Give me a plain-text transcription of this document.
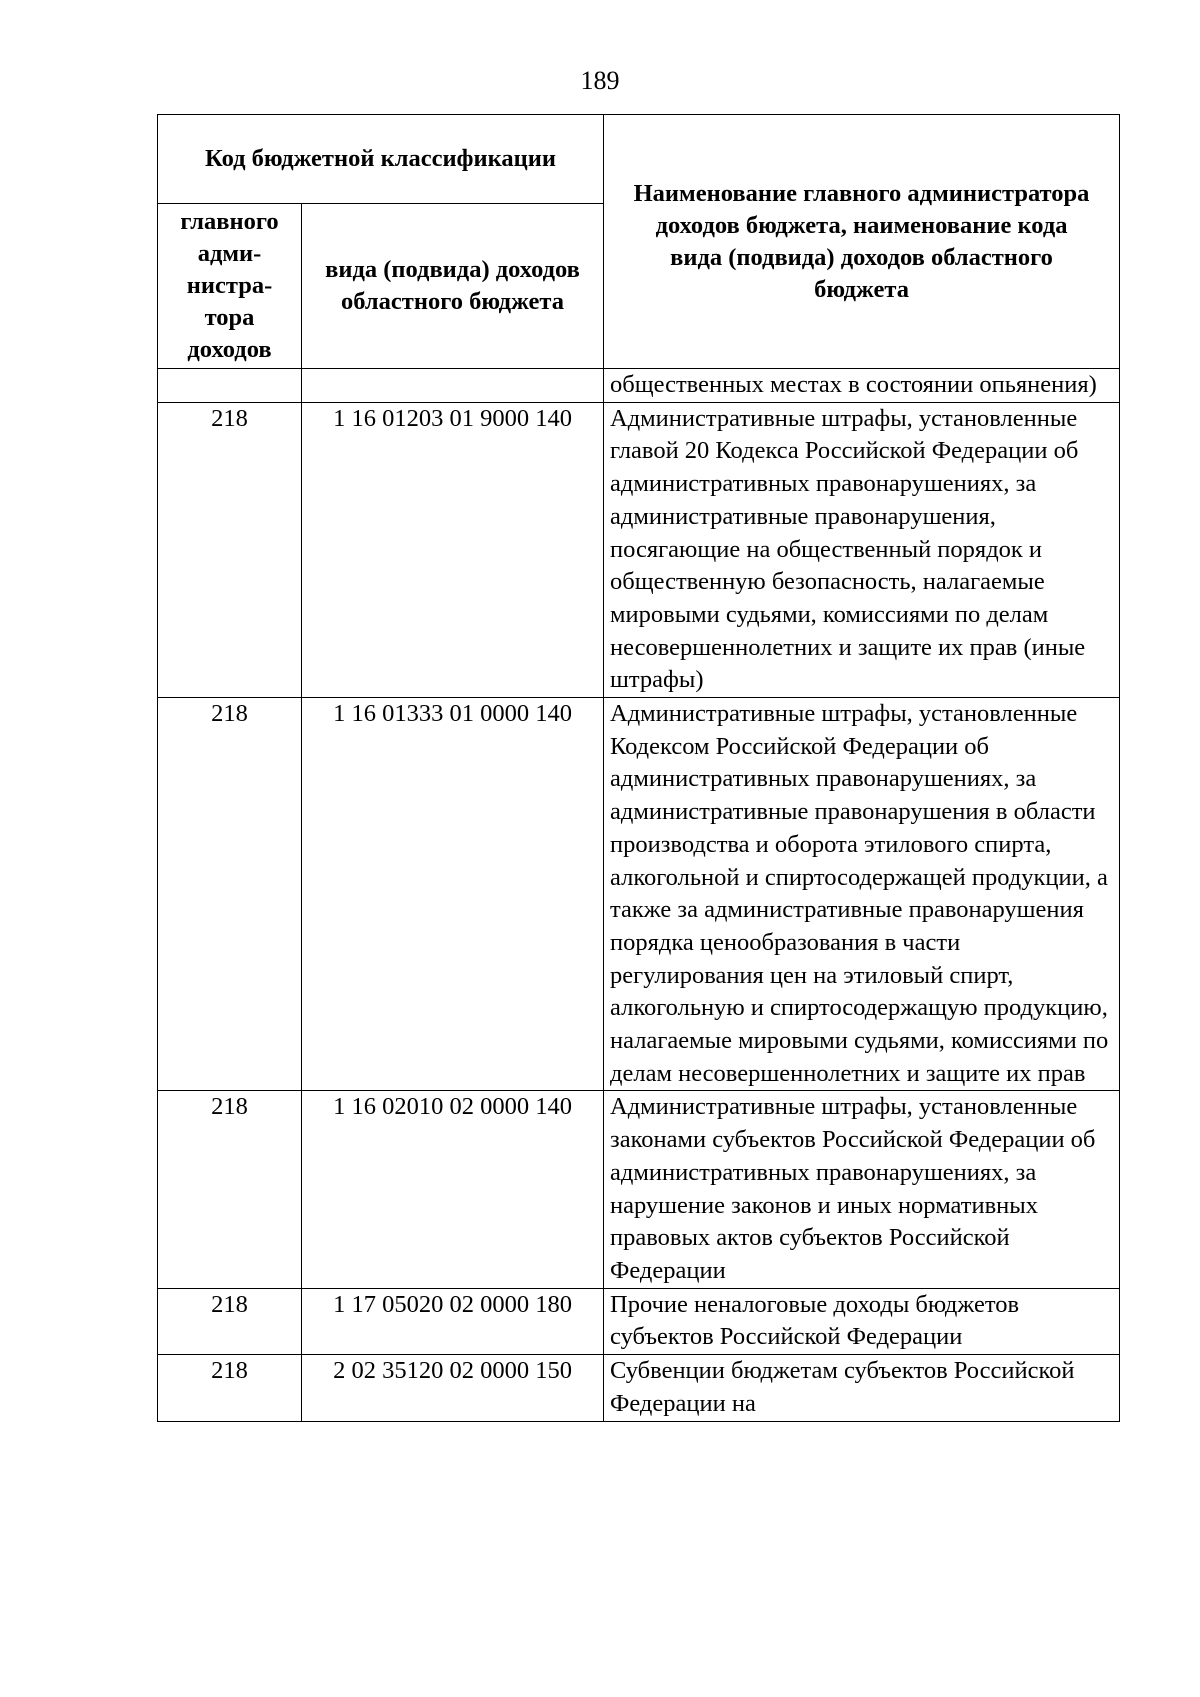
189
Код бюджетной классификации		Наименование главного администратора доходов бюджета, наименование кода вида (подвида) доходов областного бюджета
главного адми-
нистра-
тора
доходов	вида (подвида) доходов областного бюджета	
		общественных местах в состоянии опьянения)
218	1 16 01203 01 9000 140	Административные штрафы, установленные главой 20 Кодекса Российской Федерации об административных правонарушениях, за административные правонарушения, посягающие на общественный порядок и общественную безопасность, налагаемые мировыми судьями, комиссиями по делам несовершеннолетних и защите их прав (иные штрафы)
218	1 16 01333 01 0000 140	Административные штрафы, установленные Кодексом Российской Федерации об административных правонарушениях, за административные правонарушения в области производства и оборота этилового спирта, алкогольной и спиртосодержащей продукции, а также за административные правонарушения порядка ценообразования в части регулирования цен на этиловый спирт, алкогольную и спиртосодержащую продукцию, налагаемые мировыми судьями, комиссиями по делам несовершеннолетних и защите их прав
218	1 16 02010 02 0000 140	Административные штрафы, установленные законами субъектов Российской Федерации об административных правонарушениях, за нарушение законов и иных нормативных правовых актов субъектов Российской Федерации
218	1 17 05020 02 0000 180	Прочие неналоговые доходы бюджетов субъектов Российской Федерации
218	2 02 35120 02 0000 150	Субвенции бюджетам субъектов Российской Федерации на
